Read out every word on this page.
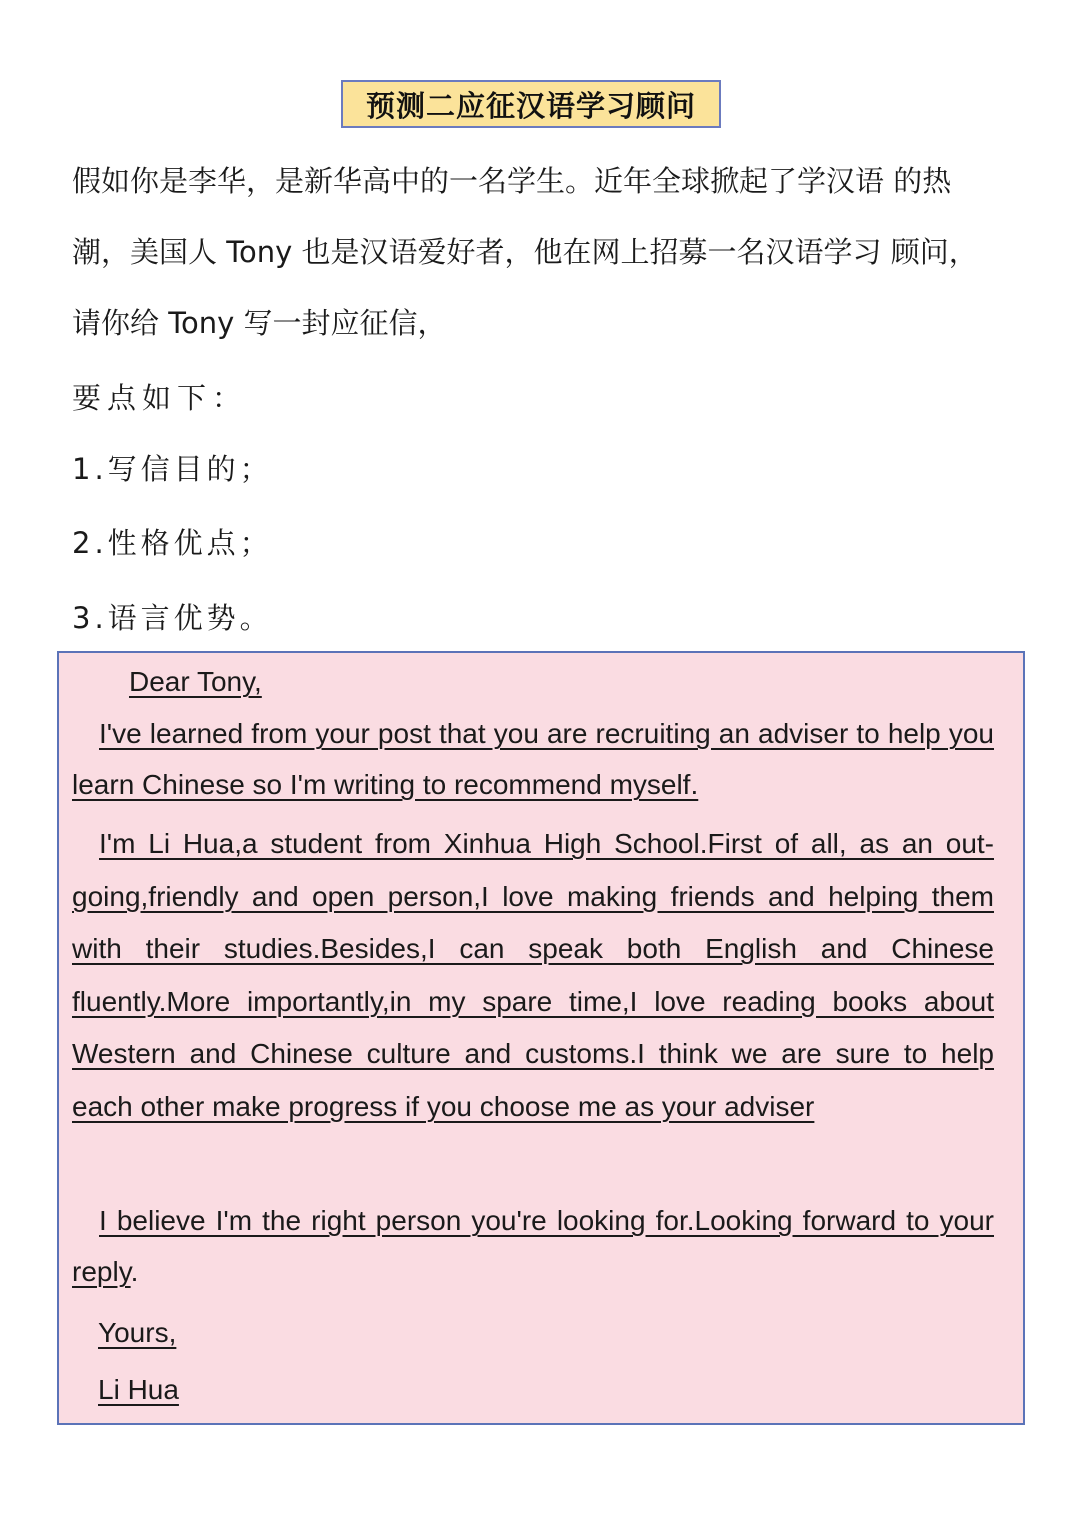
预测二应征汉语学习顾问
假如你是李华，是新华高中的一名学生。近年全球掀起了学汉语 的热
潮，美国人 Tony 也是汉语爱好者，他在网上招募一名汉语学习 顾问，
请你给 Tony 写一封应征信，
要点如下：
1.写信目的；
2.性格优点；
3.语言优势。
Dear Tony,
I've learned from your post that you are recruiting an adviser to help you learn Chinese so I'm writing to recommend myself.
I'm Li Hua,a student from Xinhua High School.First of all, as an out-going,friendly and open person,I love making friends and helping them with their studies.Besides,I can speak both English and Chinese fluently.More importantly,in my spare time,I love reading books about Western and Chinese culture and customs.I think we are sure to help each other make progress if you choose me as your adviser
I believe I'm the right person you're looking for.Looking forward to your reply.
Yours,
Li Hua
